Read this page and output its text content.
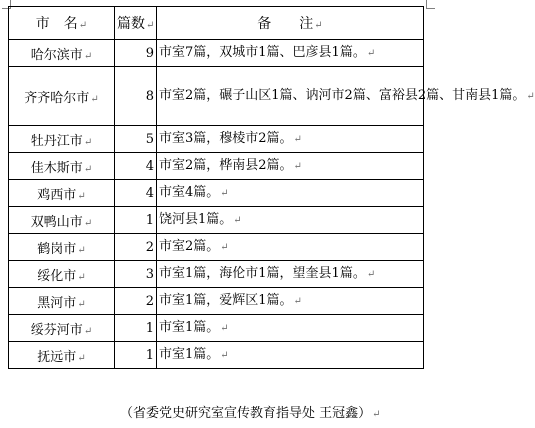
市　名↵	篇数↵	备　　注↵
哈尔滨市↵	9	市室7篇，双城市1篇、巴彦县1篇。↵
齐齐哈尔市↵	8	市室2篇，碾子山区1篇、讷河市2篇、富裕县2篇、甘南县1篇。↵
牡丹江市↵	5	市室3篇，穆棱市2篇。↵
佳木斯市↵	4	市室2篇，桦南县2篇。↵
鸡西市↵	4	市室4篇。↵
双鸭山市↵	1	饶河县1篇。↵
鹤岗市↵	2	市室2篇。↵
绥化市↵	3	市室1篇，海伦市1篇，望奎县1篇。↵
黑河市↵	2	市室1篇，爱辉区1篇。↵
绥芬河市↵	1	市室1篇。↵
抚远市↵	1	市室1篇。↵
（省委党史研究室宣传教育指导处 王冠鑫）↵
